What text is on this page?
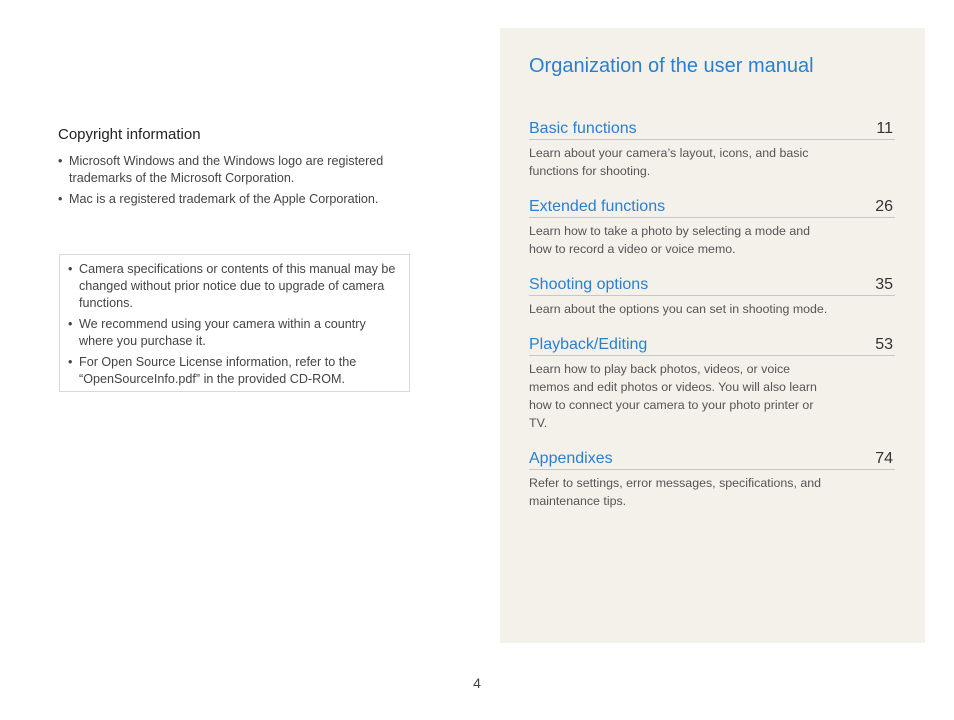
Copyright information
• Microsoft Windows and the Windows logo are registered trademarks of the Microsoft Corporation.
• Mac is a registered trademark of the Apple Corporation.
• Camera specifications or contents of this manual may be changed without prior notice due to upgrade of camera functions.
• We recommend using your camera within a country where you purchase it.
• For Open Source License information, refer to the “OpenSourceInfo.pdf” in the provided CD-ROM.
Organization of the user manual
Basic functions	11
Learn about your camera’s layout, icons, and basic functions for shooting.
Extended functions	26
Learn how to take a photo by selecting a mode and how to record a video or voice memo.
Shooting options	35
Learn about the options you can set in shooting mode.
Playback/Editing	53
Learn how to play back photos, videos, or voice memos and edit photos or videos. You will also learn how to connect your camera to your photo printer or TV.
Appendixes	74
Refer to settings, error messages, specifications, and maintenance tips.
4
